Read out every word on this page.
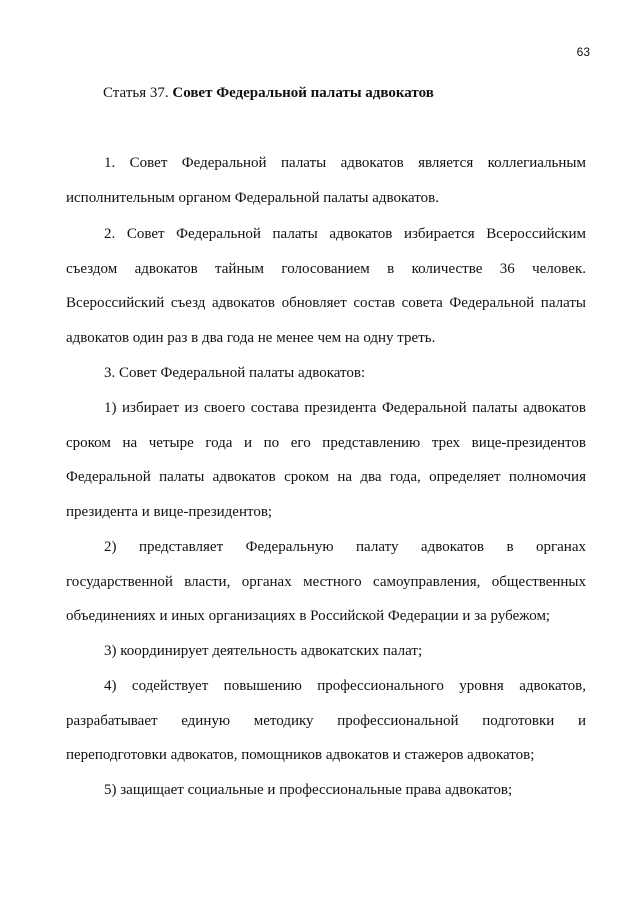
63
Статья 37. Совет Федеральной палаты адвокатов
1. Совет Федеральной палаты адвокатов является коллегиальным
исполнительным органом Федеральной палаты адвокатов.
2. Совет Федеральной палаты адвокатов избирается Всероссийским
съездом адвокатов тайным голосованием в количестве 36 человек.
Всероссийский съезд адвокатов обновляет состав совета Федеральной палаты
адвокатов один раз в два года не менее чем на одну треть.
3. Совет Федеральной палаты адвокатов:
1) избирает из своего состава президента Федеральной палаты адвокатов
сроком на четыре года и по его представлению трех вице-президентов
Федеральной палаты адвокатов сроком на два года, определяет полномочия
президента и вице-президентов;
2) представляет Федеральную палату адвокатов в органах
государственной власти, органах местного самоуправления, общественных
объединениях и иных организациях в Российской Федерации и за рубежом;
3) координирует деятельность адвокатских палат;
4) содействует повышению профессионального уровня адвокатов,
разрабатывает единую методику профессиональной подготовки и
переподготовки адвокатов, помощников адвокатов и стажеров адвокатов;
5) защищает социальные и профессиональные права адвокатов;
